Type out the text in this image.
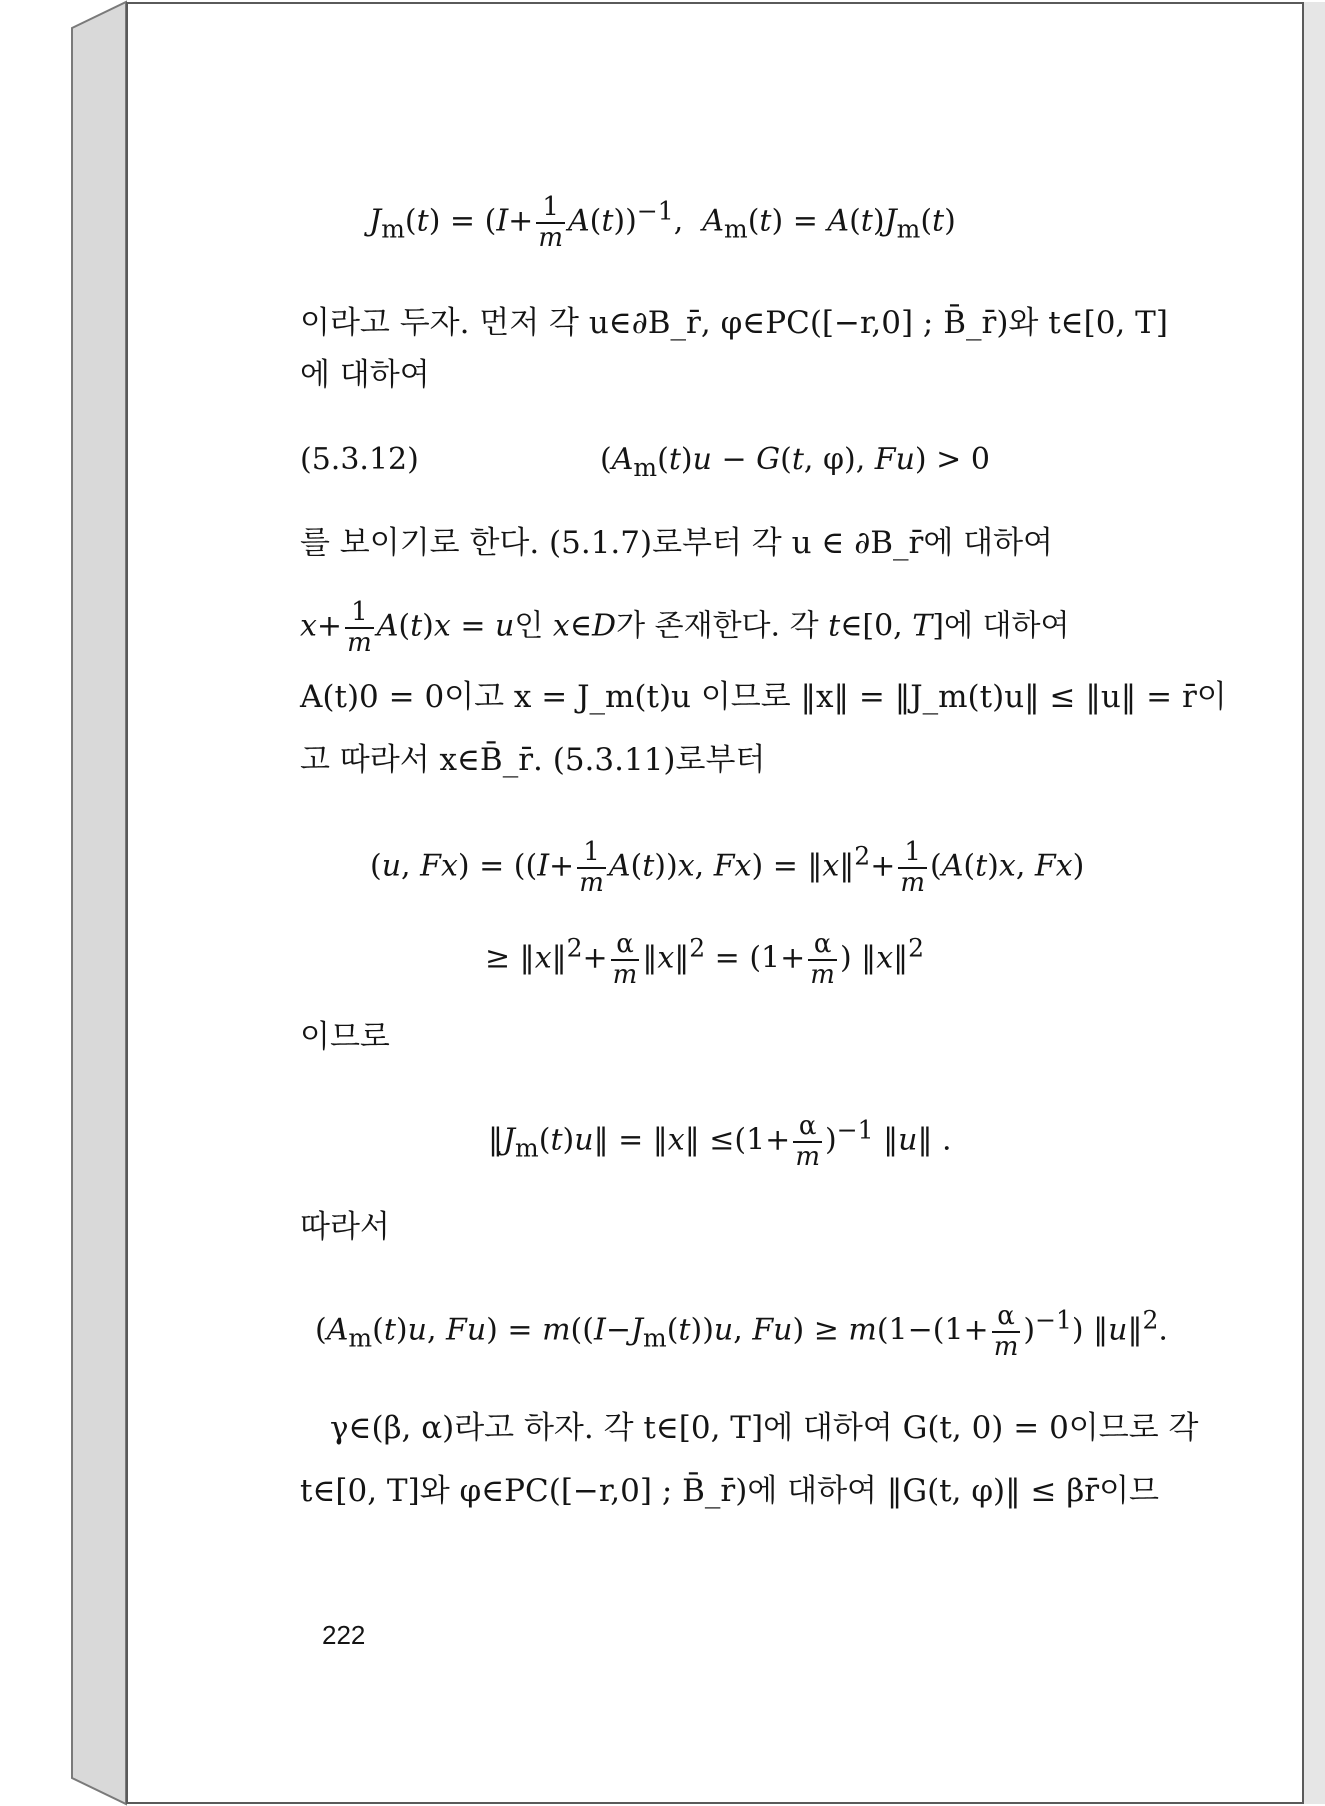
$J_m(t) = (I+ \frac{1}{m} A(t))^{-1}$,  $A_m(t) = A(t)J_m(t)$
이라고 두자. 먼저 각 u∈∂B_r̄, φ∈PC([−r,0] ; B̄_r̄)와 t∈[0, T]
에 대하여
(5.3.12)	($A_m(t)u - G(t$, φ), Fu) > 0
를 보이기로 한다. (5.1.7)로부터 각 u ∈ ∂B_r̄에 대하여
$x+ \frac{1}{m} A(t)x = u$인 x∈D가 존재한다. 각 t∈[0, T]에 대하여
A(t)0 = 0이고 x = J_m(t)u 이므로 ‖x‖ = ‖J_m(t)u‖ ≤ ‖u‖ = r̄이
고 따라서 x∈B̄_r̄. (5.3.11)로부터
(u, $Fx) = ((I+ \frac{1}{m} A(t))x$, Fx) = ‖x‖$^2$+ $\frac{1}{m} (A(t)x$, Fx)
≥ ‖x‖$^2$+ $\frac{\alpha}{m}$ ‖x‖$^2$ = ($1+ \frac{\alpha}{m}$ ) ‖x‖$^2$
이므로
$‖J_m(t)u‖$ = ‖x‖ $\le(1+ \frac{\alpha}{m} )^{-1}$ ‖u‖ .
따라서
($A_m(t)u$, $Fu) = m((I-J_m(t))u$, $Fu) \ge m(1-(1+ \frac{\alpha}{m} )^{-1})$ ‖u‖$^2$.
γ∈(β, α)라고 하자. 각 t∈[0, T]에 대하여 G(t, 0) = 0이므로 각
t∈[0, T]와 φ∈PC([−r,0] ; B̄_r̄)에 대하여 ‖G(t, φ)‖ ≤ βr̄이므
222
